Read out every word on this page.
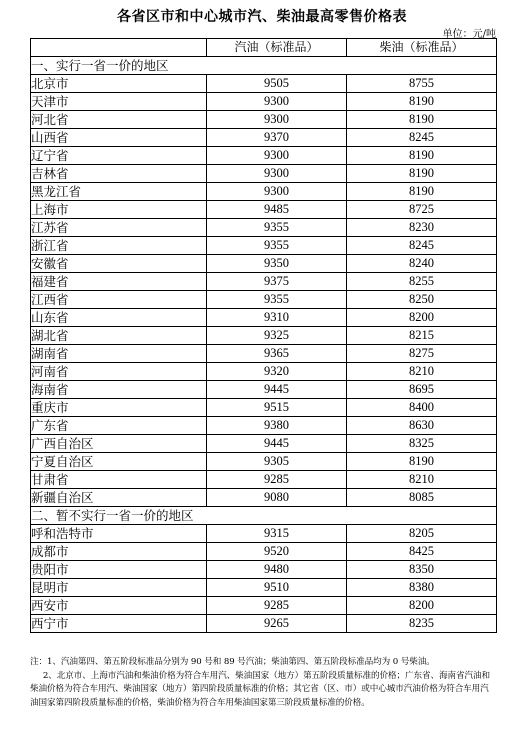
各省区市和中心城市汽、柴油最高零售价格表
单位：元/吨
	汽油（标准品）	柴油（标准品）
一、实行一省一价的地区		
北京市	9505	8755
天津市	9300	8190
河北省	9300	8190
山西省	9370	8245
辽宁省	9300	8190
吉林省	9300	8190
黑龙江省	9300	8190
上海市	9485	8725
江苏省	9355	8230
浙江省	9355	8245
安徽省	9350	8240
福建省	9375	8255
江西省	9355	8250
山东省	9310	8200
湖北省	9325	8215
湖南省	9365	8275
河南省	9320	8210
海南省	9445	8695
重庆市	9515	8400
广东省	9380	8630
广西自治区	9445	8325
宁夏自治区	9305	8190
甘肃省	9285	8210
新疆自治区	9080	8085
二、暂不实行一省一价的地区		
呼和浩特市	9315	8205
成都市	9520	8425
贵阳市	9480	8350
昆明市	9510	8380
西安市	9285	8200
西宁市	9265	8235

注：1、汽油第四、第五阶段标准品分别为 90 号和 89 号汽油；柴油第四、第五阶段标准品均为 0 号柴油。

2、北京市、上海市汽油和柴油价格为符合车用汽、柴油国家（地方）第五阶段质量标准的价格；广东省、海南省汽油和柴油价格为符合车用汽、柴油国家（地方）第四阶段质量标准的价格；其它省（区、市）或中心城市汽油价格为符合车用汽油国家第四阶段质量标准的价格，柴油价格为符合车用柴油国家第三阶段质量标准的价格。
